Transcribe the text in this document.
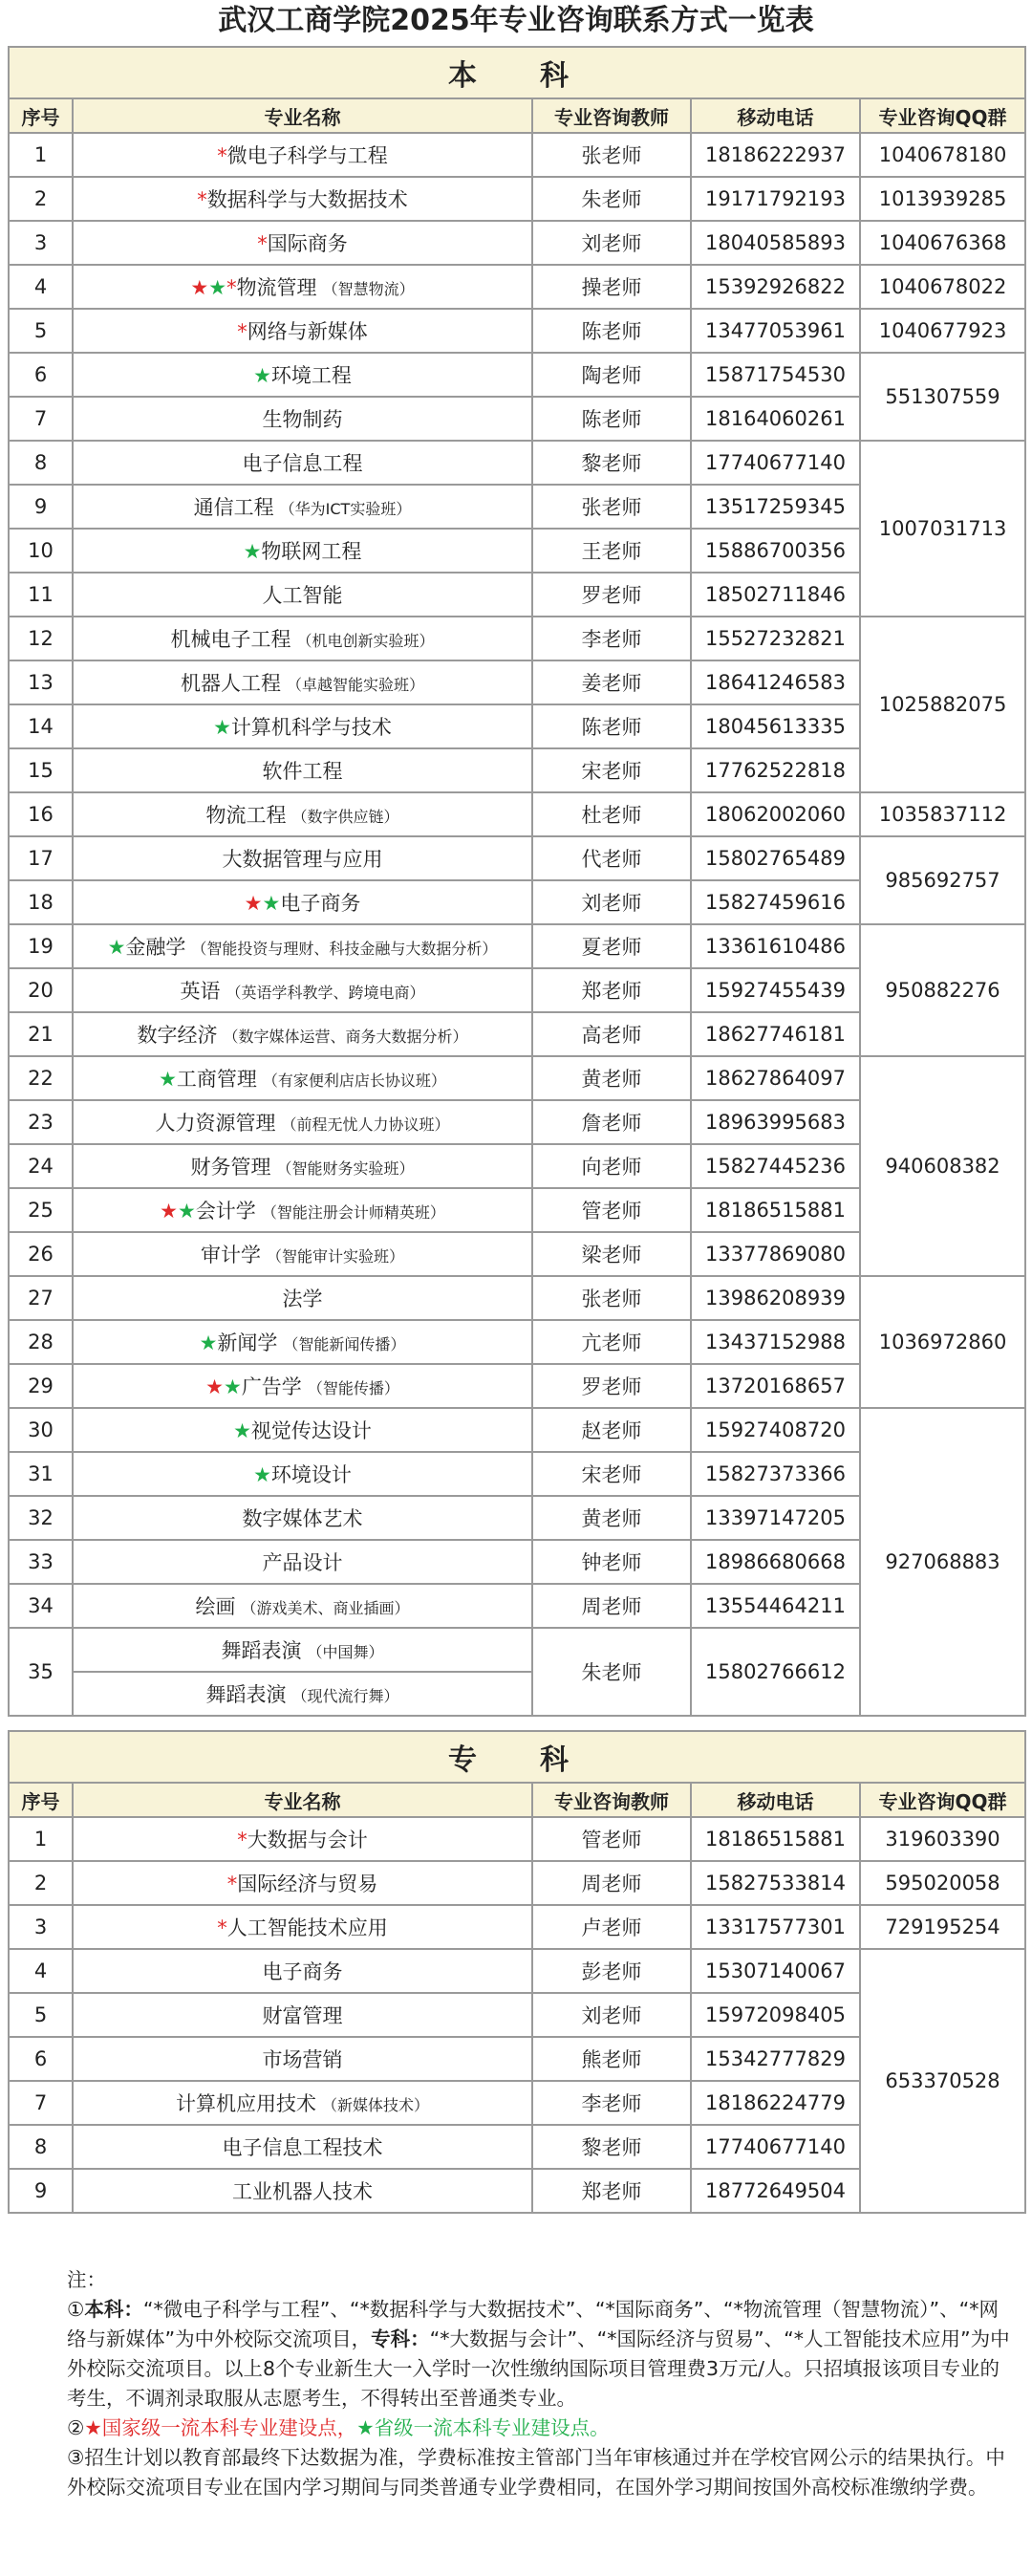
武汉工商学院2025年专业咨询联系方式一览表
本　科				
序号	专业名称	专业咨询教师	移动电话	专业咨询QQ群
1	*微电子科学与工程	张老师	18186222937	1040678180
2	*数据科学与大数据技术	朱老师	19171792193	1013939285
3	*国际商务	刘老师	18040585893	1040676368
4	★★*物流管理 （智慧物流）	操老师	15392926822	1040678022
5	*网络与新媒体	陈老师	13477053961	1040677923
6	★环境工程	陶老师	15871754530	551307559
7	生物制药	陈老师	18164060261	
8	电子信息工程	黎老师	17740677140	1007031713
9	通信工程 （华为ICT实验班）	张老师	13517259345	
10	★物联网工程	王老师	15886700356	
11	人工智能	罗老师	18502711846	
12	机械电子工程 （机电创新实验班）	李老师	15527232821	1025882075
13	机器人工程 （卓越智能实验班）	姜老师	18641246583	
14	★计算机科学与技术	陈老师	18045613335	
15	软件工程	宋老师	17762522818	
16	物流工程 （数字供应链）	杜老师	18062002060	1035837112
17	大数据管理与应用	代老师	15802765489	985692757
18	★★电子商务	刘老师	15827459616	
19	★金融学 （智能投资与理财、科技金融与大数据分析）	夏老师	13361610486	950882276
20	英语 （英语学科教学、跨境电商）	郑老师	15927455439	
21	数字经济 （数字媒体运营、商务大数据分析）	高老师	18627746181	
22	★工商管理 （有家便利店店长协议班）	黄老师	18627864097	940608382
23	人力资源管理 （前程无忧人力协议班）	詹老师	18963995683	
24	财务管理 （智能财务实验班）	向老师	15827445236	
25	★★会计学 （智能注册会计师精英班）	管老师	18186515881	
26	审计学 （智能审计实验班）	梁老师	13377869080	
27	法学	张老师	13986208939	1036972860
28	★新闻学 （智能新闻传播）	亢老师	13437152988	
29	★★广告学 （智能传播）	罗老师	13720168657	
30	★视觉传达设计	赵老师	15927408720	927068883
31	★环境设计	宋老师	15827373366	
32	数字媒体艺术	黄老师	13397147205	
33	产品设计	钟老师	18986680668	
34	绘画 （游戏美术、商业插画）	周老师	13554464211	
35	舞蹈表演 （中国舞）	朱老师	15802766612	
	舞蹈表演 （现代流行舞）			
专　科				
序号	专业名称	专业咨询教师	移动电话	专业咨询QQ群
1	*大数据与会计	管老师	18186515881	319603390
2	*国际经济与贸易	周老师	15827533814	595020058
3	*人工智能技术应用	卢老师	13317577301	729195254
4	电子商务	彭老师	15307140067	653370528
5	财富管理	刘老师	15972098405	
6	市场营销	熊老师	15342777829	
7	计算机应用技术 （新媒体技术）	李老师	18186224779	
8	电子信息工程技术	黎老师	17740677140	
9	工业机器人技术	郑老师	18772649504	

注：

①本科：“*微电子科学与工程”、“*数据科学与大数据技术”、“*国际商务”、“*物流管理（智慧物流）”、“*网络与新媒体”为中外校际交流项目，专科：“*大数据与会计”、“*国际经济与贸易”、“*人工智能技术应用”为中外校际交流项目。以上8个专业新生大一入学时一次性缴纳国际项目管理费3万元/人。只招填报该项目专业的考生，不调剂录取服从志愿考生，不得转出至普通类专业。

②★国家级一流本科专业建设点，★省级一流本科专业建设点。

③招生计划以教育部最终下达数据为准，学费标准按主管部门当年审核通过并在学校官网公示的结果执行。中外校际交流项目专业在国内学习期间与同类普通专业学费相同，在国外学习期间按国外高校标准缴纳学费。
